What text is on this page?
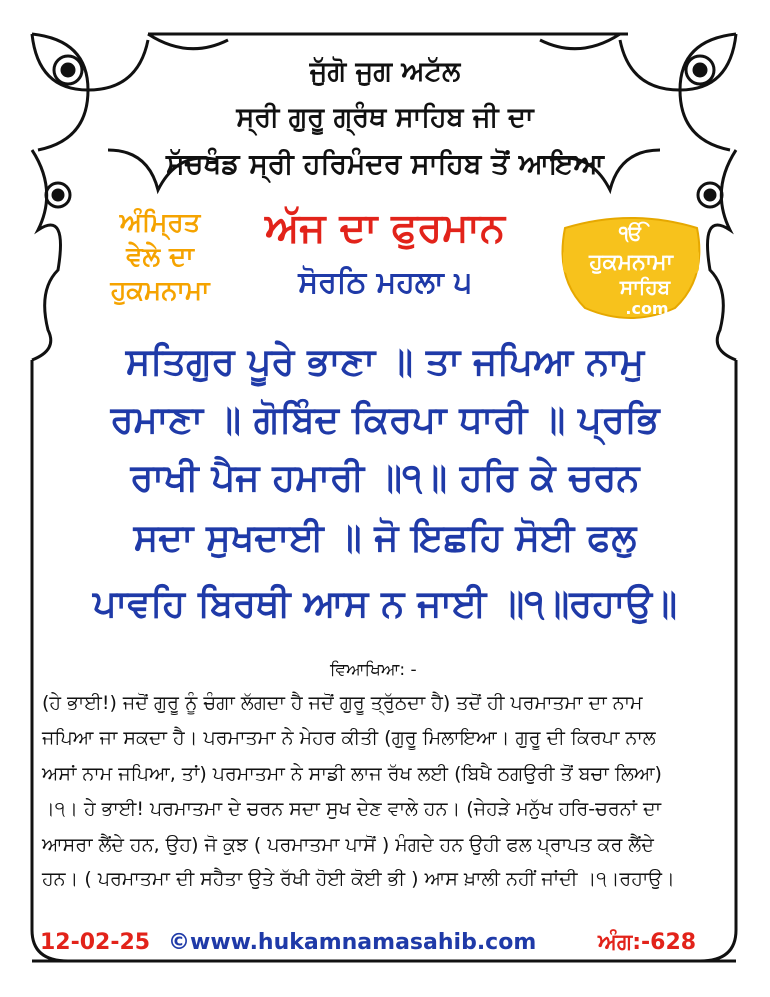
ਜੁੱਗੋ ਜੁਗ ਅਟੱਲ
ਸ੍ਰੀ ਗੁਰੂ ਗ੍ਰੰਥ ਸਾਹਿਬ ਜੀ ਦਾ
ਸੱਚਖੰਡ ਸ੍ਰੀ ਹਰਿਮੰਦਰ ਸਾਹਿਬ ਤੋਂ ਆਇਆ
ਅੰਮ੍ਰਿਤ
ਵੇਲੇ ਦਾ
ਹੁਕਮਨਾਮਾ
ਅੱਜ ਦਾ ਫੁਰਮਾਨ
ਸੋਰਠਿ ਮਹਲਾ ੫
ੴ
ਹੁਕਮਨਾਮਾ
ਸਾਹਿਬ
.com
ਸਤਿਗੁਰ ਪੂਰੇ ਭਾਣਾ ॥ ਤਾ ਜਪਿਆ ਨਾਮੁ
ਰਮਾਣਾ ॥ ਗੋਬਿੰਦ ਕਿਰਪਾ ਧਾਰੀ ॥ ਪ੍ਰਭਿ
ਰਾਖੀ ਪੈਜ ਹਮਾਰੀ ॥੧॥ ਹਰਿ ਕੇ ਚਰਨ
ਸਦਾ ਸੁਖਦਾਈ ॥ ਜੋ ਇਛਹਿ ਸੋਈ ਫਲੁ
ਪਾਵਹਿ ਬਿਰਥੀ ਆਸ ਨ ਜਾਈ ॥੧॥ਰਹਾਉ॥
ਵਿਆਖਿਆ: -
(ਹੇ ਭਾਈ!) ਜਦੋਂ ਗੁਰੂ ਨੂੰ ਚੰਗਾ ਲੱਗਦਾ ਹੈ ਜਦੋਂ ਗੁਰੂ ਤ੍ਰੁੱਠਦਾ ਹੈ) ਤਦੋਂ ਹੀ ਪਰਮਾਤਮਾ ਦਾ ਨਾਮ
ਜਪਿਆ ਜਾ ਸਕਦਾ ਹੈ। ਪਰਮਾਤਮਾ ਨੇ ਮੇਹਰ ਕੀਤੀ (ਗੁਰੂ ਮਿਲਾਇਆ। ਗੁਰੂ ਦੀ ਕਿਰਪਾ ਨਾਲ
ਅਸਾਂ ਨਾਮ ਜਪਿਆ, ਤਾਂ) ਪਰਮਾਤਮਾ ਨੇ ਸਾਡੀ ਲਾਜ ਰੱਖ ਲਈ (ਬਿਖੈ ਠਗਉਰੀ ਤੋਂ ਬਚਾ ਲਿਆ)
।੧। ਹੇ ਭਾਈ! ਪਰਮਾਤਮਾ ਦੇ ਚਰਨ ਸਦਾ ਸੁਖ ਦੇਣ ਵਾਲੇ ਹਨ। (ਜੇਹੜੇ ਮਨੁੱਖ ਹਰਿ-ਚਰਨਾਂ ਦਾ
ਆਸਰਾ ਲੈਂਦੇ ਹਨ, ਉਹ) ਜੋ ਕੁਝ ( ਪਰਮਾਤਮਾ ਪਾਸੋਂ ) ਮੰਗਦੇ ਹਨ ਉਹੀ ਫਲ ਪ੍ਰਾਪਤ ਕਰ ਲੈਂਦੇ
ਹਨ। ( ਪਰਮਾਤਮਾ ਦੀ ਸਹੈਤਾ ਉਤੇ ਰੱਖੀ ਹੋਈ ਕੋਈ ਭੀ ) ਆਸ ਖ਼ਾਲੀ ਨਹੀਂ ਜਾਂਦੀ ।੧।ਰਹਾਉ।
12-02-25 ©www.hukamnamasahib.com	ਅੰਗ:-628
